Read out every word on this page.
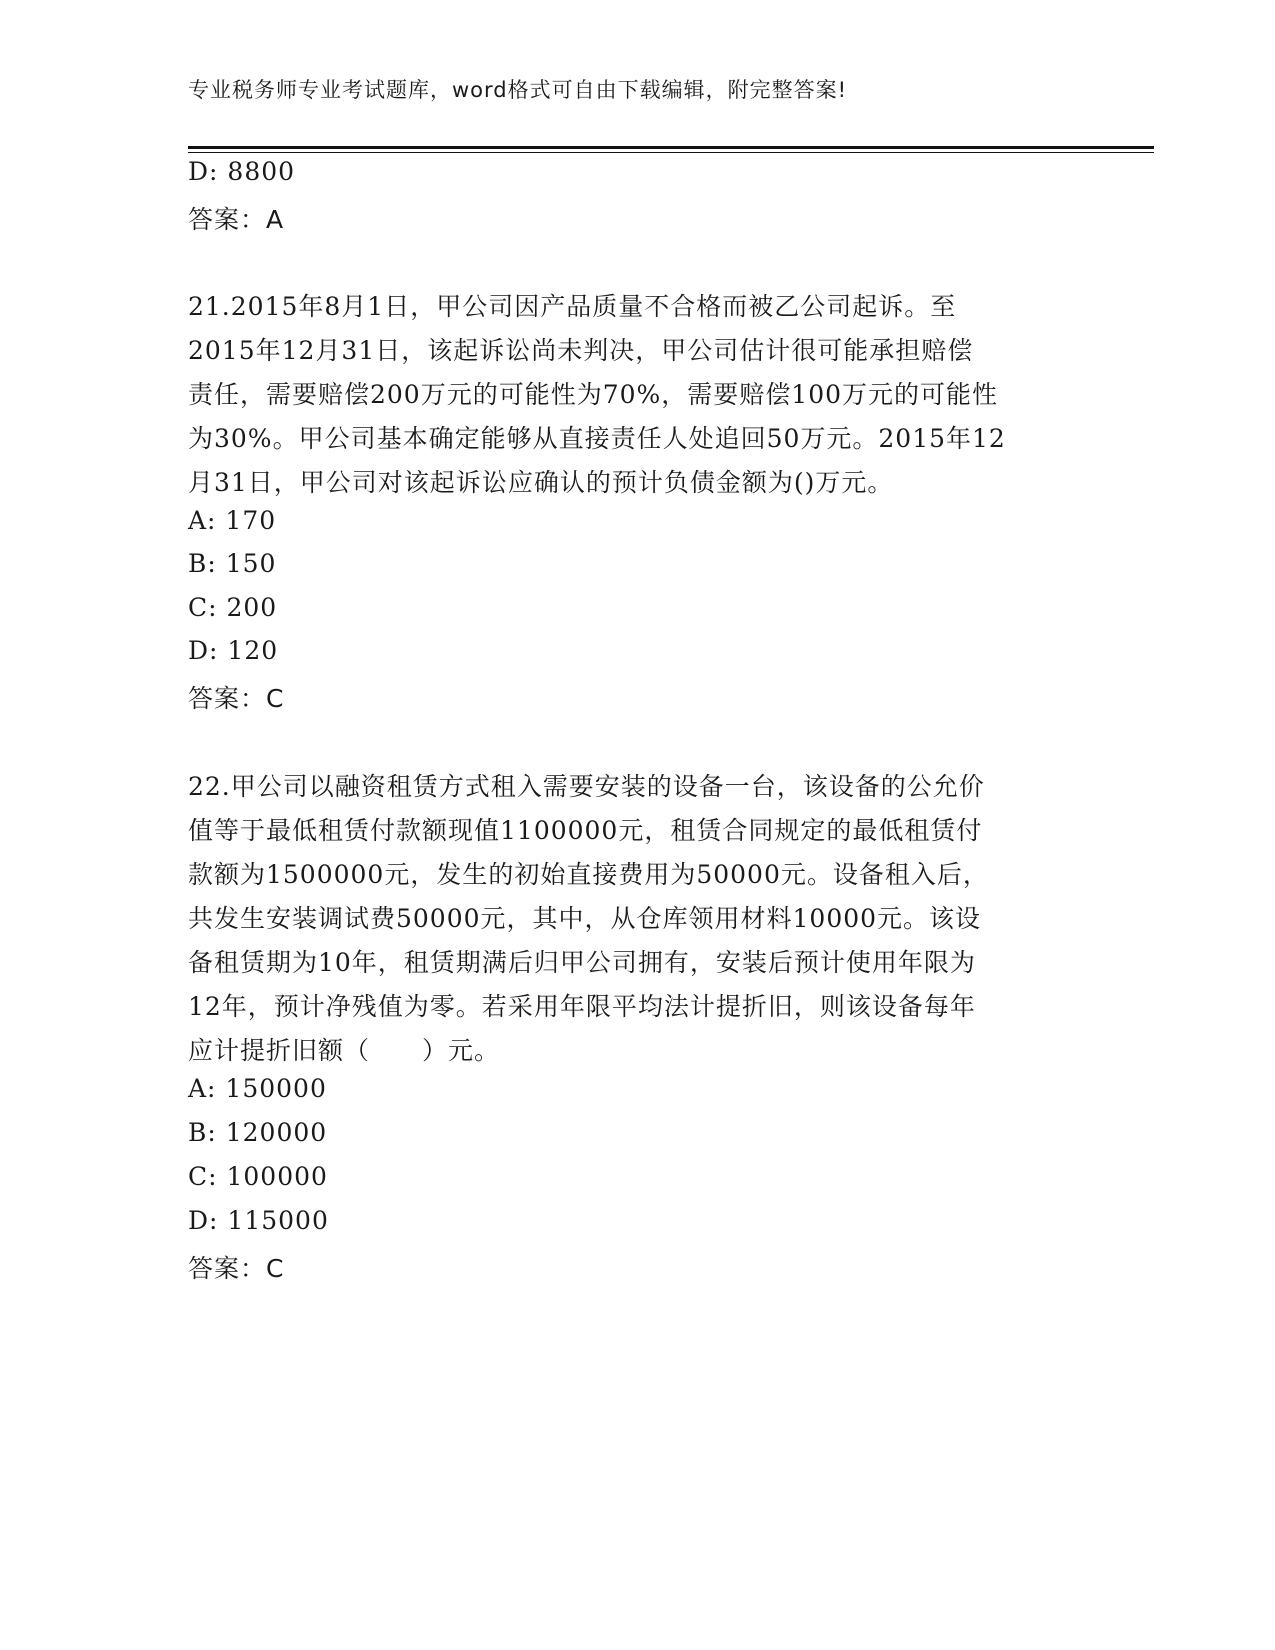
专业税务师专业考试题库，word格式可自由下载编辑，附完整答案!
D: 8800
答案：A
21.2015年8月1日，甲公司因产品质量不合格而被乙公司起诉。至
2015年12月31日，该起诉讼尚未判决，甲公司估计很可能承担赔偿
责任，需要赔偿200万元的可能性为70%，需要赔偿100万元的可能性
为30%。甲公司基本确定能够从直接责任人处追回50万元。2015年12
月31日，甲公司对该起诉讼应确认的预计负债金额为()万元。
A: 170
B: 150
C: 200
D: 120
答案：C
22.甲公司以融资租赁方式租入需要安装的设备一台，该设备的公允价
值等于最低租赁付款额现值1100000元，租赁合同规定的最低租赁付
款额为1500000元，发生的初始直接费用为50000元。设备租入后，
共发生安装调试费50000元，其中，从仓库领用材料10000元。该设
备租赁期为10年，租赁期满后归甲公司拥有，安装后预计使用年限为
12年，预计净残值为零。若采用年限平均法计提折旧，则该设备每年
应计提折旧额（　　）元。
A: 150000
B: 120000
C: 100000
D: 115000
答案：C
